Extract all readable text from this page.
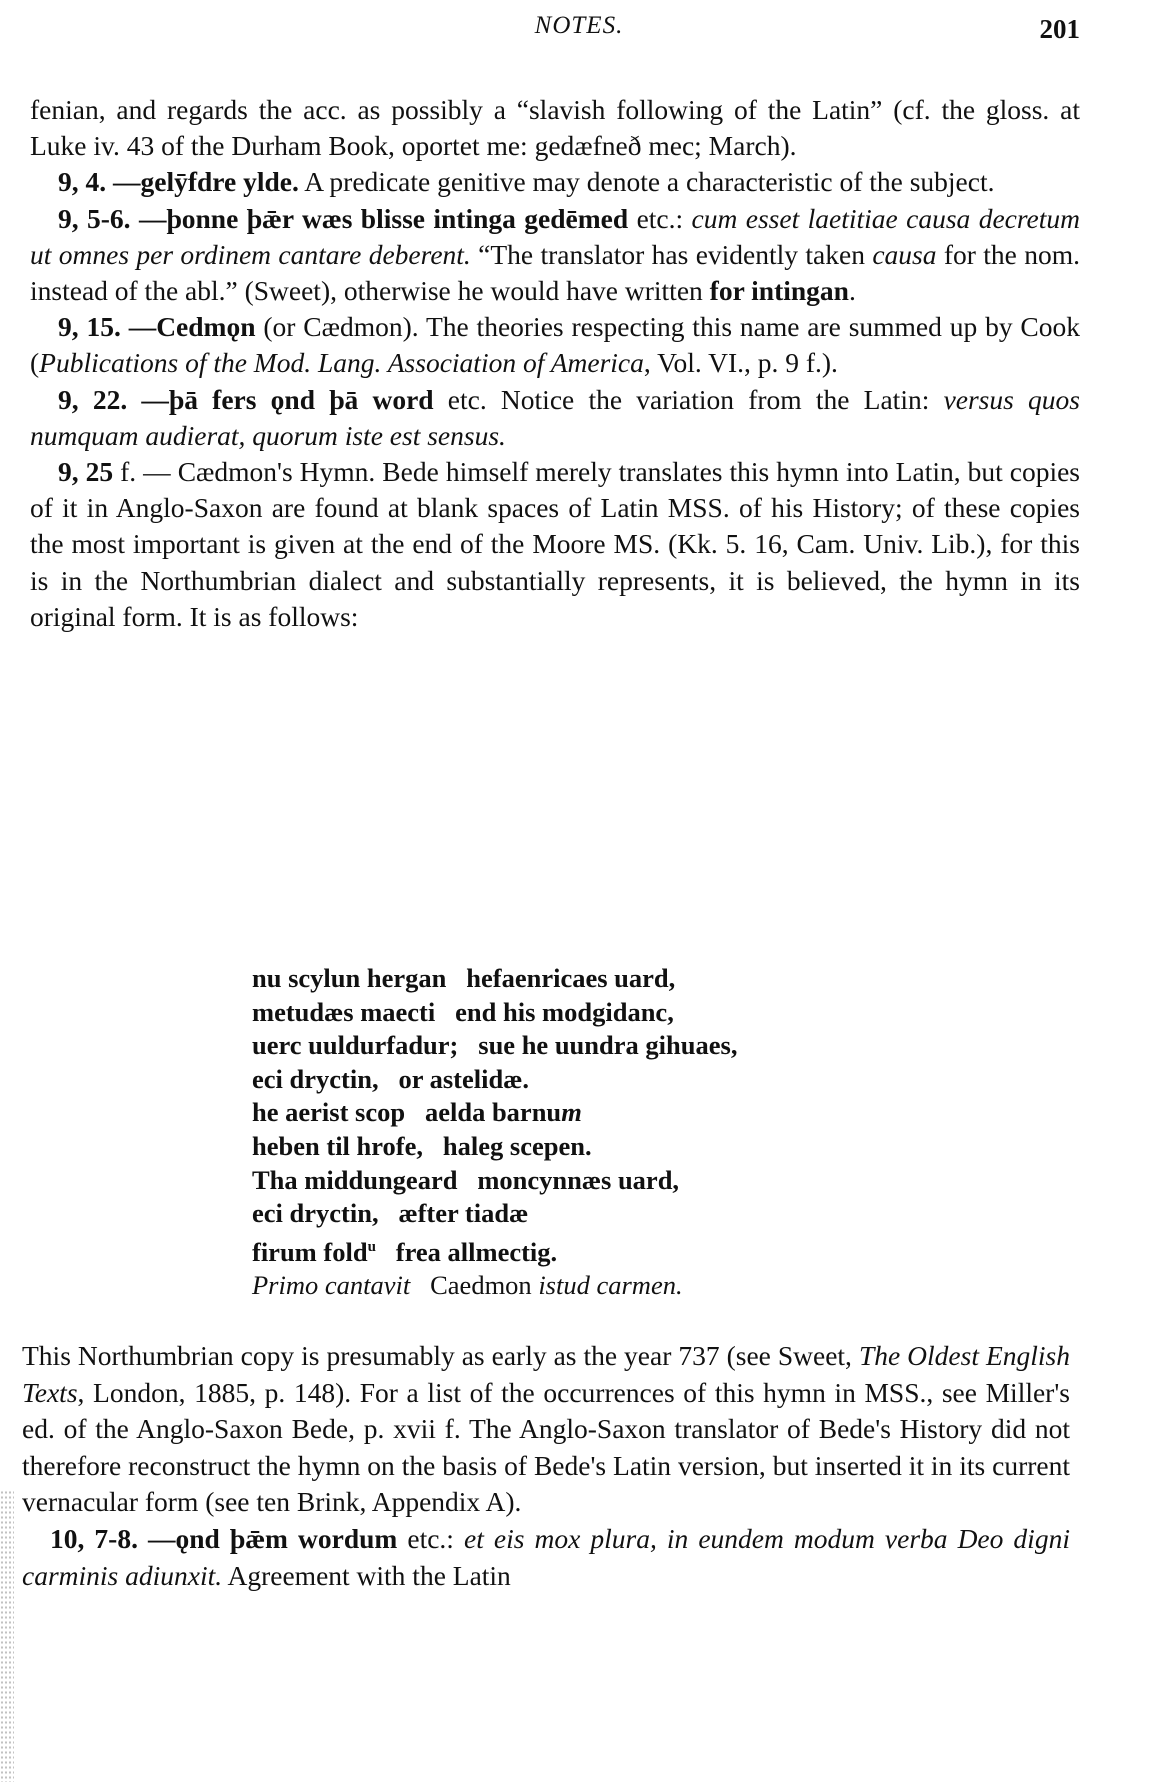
NOTES.	201

fenian, and regards the acc. as possibly a “slavish following of the Latin” (cf. the gloss. at Luke iv. 43 of the Durham Book, oportet me: gedæfneð mec; March).

9, 4. —gelȳfdre ylde. A predicate genitive may denote a characteristic of the subject.

9, 5-6. —þonne þǣr wæs blisse intinga gedēmed etc.: cum esset laetitiae causa decretum ut omnes per ordinem cantare deberent. “The translator has evidently taken causa for the nom. instead of the abl.” (Sweet), otherwise he would have written for intingan.

9, 15. —Cedmǫn (or Cædmon). The theories respecting this name are summed up by Cook (Publications of the Mod. Lang. Association of America, Vol. VI., p. 9 f.).

9, 22. —þā fers ǫnd þā word etc. Notice the variation from the Latin: versus quos numquam audierat, quorum iste est sensus.

9, 25 f. — Cædmon's Hymn. Bede himself merely translates this hymn into Latin, but copies of it in Anglo-Saxon are found at blank spaces of Latin MSS. of his History; of these copies the most important is given at the end of the Moore MS. (Kk. 5. 16, Cam. Univ. Lib.), for this is in the Northumbrian dialect and substantially represents, it is believed, the hymn in its original form. It is as follows:

nu scylun hergan   hefaenricaes uard,
metudæs maecti   end his modgidanc,
uerc uuldurfadur;   sue he uundra gihuaes,
eci dryctin,   or astelidæ.
he aerist scop   aelda barnum
heben til hrofe,   haleg scepen.
Tha middungeard   moncynnæs uard,
eci dryctin,   æfter tiadæ
firum fold$^u$   frea allmectig.
Primo cantavit   Caedmon istud carmen.

This Northumbrian copy is presumably as early as the year 737 (see Sweet, The Oldest English Texts, London, 1885, p. 148). For a list of the occurrences of this hymn in MSS., see Miller's ed. of the Anglo-Saxon Bede, p. xvii f. The Anglo-Saxon translator of Bede's History did not therefore reconstruct the hymn on the basis of Bede's Latin version, but inserted it in its current vernacular form (see ten Brink, Appendix A).

10, 7-8. —ǫnd þǣm wordum etc.: et eis mox plura, in eundem modum verba Deo digni carminis adiunxit. Agreement with the Latin
